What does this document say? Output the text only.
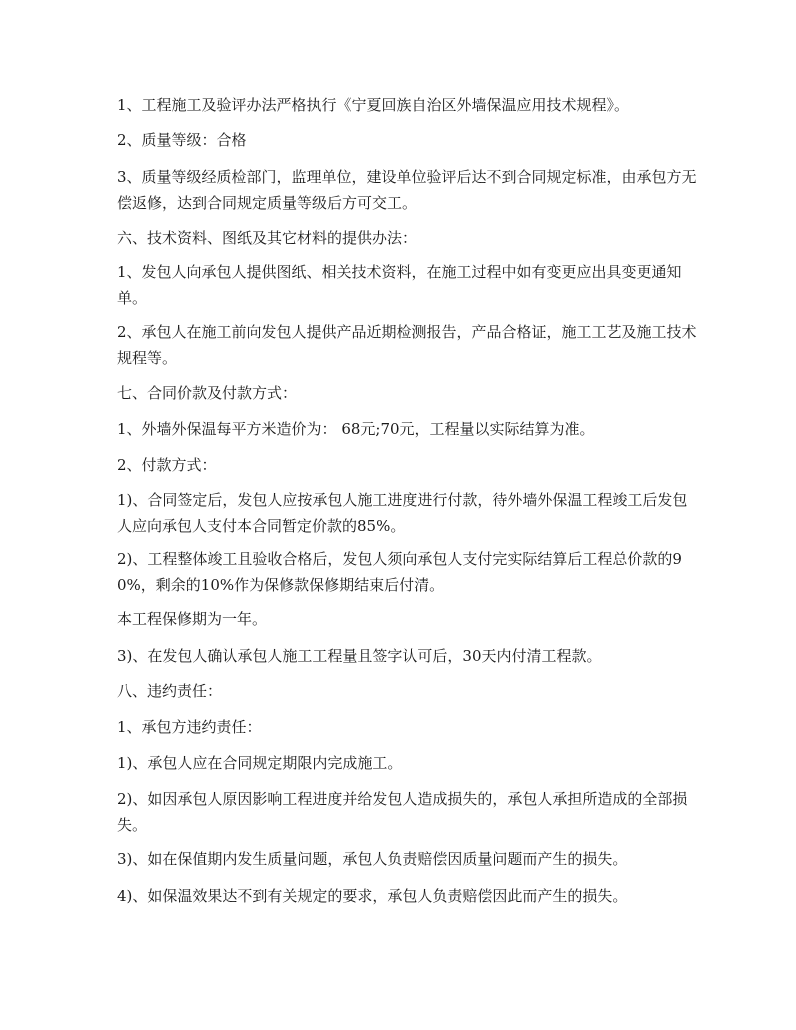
1、工程施工及验评办法严格执行《宁夏回族自治区外墙保温应用技术规程》。

2、质量等级：合格

3、质量等级经质检部门，监理单位，建设单位验评后达不到合同规定标准，由承包方无偿返修，达到合同规定质量等级后方可交工。

六、技术资料、图纸及其它材料的提供办法：

1、发包人向承包人提供图纸、相关技术资料，在施工过程中如有变更应出具变更通知单。

2、承包人在施工前向发包人提供产品近期检测报告，产品合格证，施工工艺及施工技术规程等。

七、合同价款及付款方式：

1、外墙外保温每平方米造价为： 68元;70元，工程量以实际结算为准。

2、付款方式：

1)、合同签定后，发包人应按承包人施工进度进行付款，待外墙外保温工程竣工后发包人应向承包人支付本合同暂定价款的85%。

2)、工程整体竣工且验收合格后，发包人须向承包人支付完实际结算后工程总价款的90%，剩余的10%作为保修款保修期结束后付清。

本工程保修期为一年。

3)、在发包人确认承包人施工工程量且签字认可后，30天内付清工程款。

八、违约责任：

1、承包方违约责任：

1)、承包人应在合同规定期限内完成施工。

2)、如因承包人原因影响工程进度并给发包人造成损失的，承包人承担所造成的全部损失。

3)、如在保值期内发生质量问题，承包人负责赔偿因质量问题而产生的损失。

4)、如保温效果达不到有关规定的要求，承包人负责赔偿因此而产生的损失。
